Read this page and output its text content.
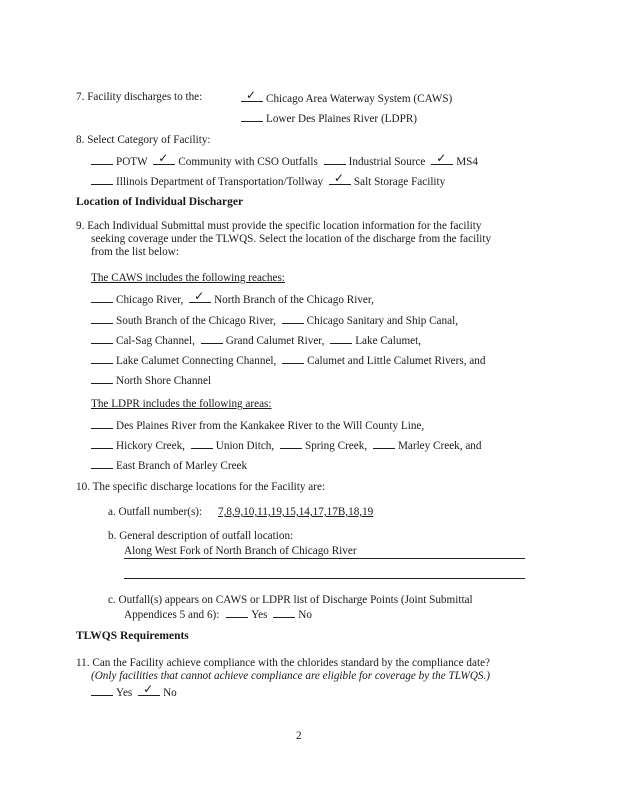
7. Facility discharges to the:	✓ Chicago Area Waterway System (CAWS)
Lower Des Plaines River (LDPR)
8. Select Category of Facility:
POTW ✓ Community with CSO Outfalls	Industrial Source ✓ MS4
Illinois Department of Transportation/Tollway ✓ Salt Storage Facility
Location of Individual Discharger
9. Each Individual Submittal must provide the specific location information for the facility
seeking coverage under the TLWQS. Select the location of the discharge from the facility
from the list below:
The CAWS includes the following reaches:
Chicago River, ✓ North Branch of the Chicago River,
South Branch of the Chicago River,	Chicago Sanitary and Ship Canal,
Cal-Sag Channel,	Grand Calumet River,	Lake Calumet,
Lake Calumet Connecting Channel,	Calumet and Little Calumet Rivers, and
North Shore Channel
The LDPR includes the following areas:
Des Plaines River from the Kankakee River to the Will County Line,
Hickory Creek,	Union Ditch,	Spring Creek,	Marley Creek, and
East Branch of Marley Creek
10. The specific discharge locations for the Facility are:
a. Outfall number(s): 7,8,9,10,11,19,15,14,17,17B,18,19
b. General description of outfall location:
Along West Fork of North Branch of Chicago River
c. Outfall(s) appears on CAWS or LDPR list of Discharge Points (Joint Submittal
Appendices 5 and 6):	Yes	No
TLWQS Requirements
11. Can the Facility achieve compliance with the chlorides standard by the compliance date?
(Only facilities that cannot achieve compliance are eligible for coverage by the TLWQS.)
Yes ✓ No
2
